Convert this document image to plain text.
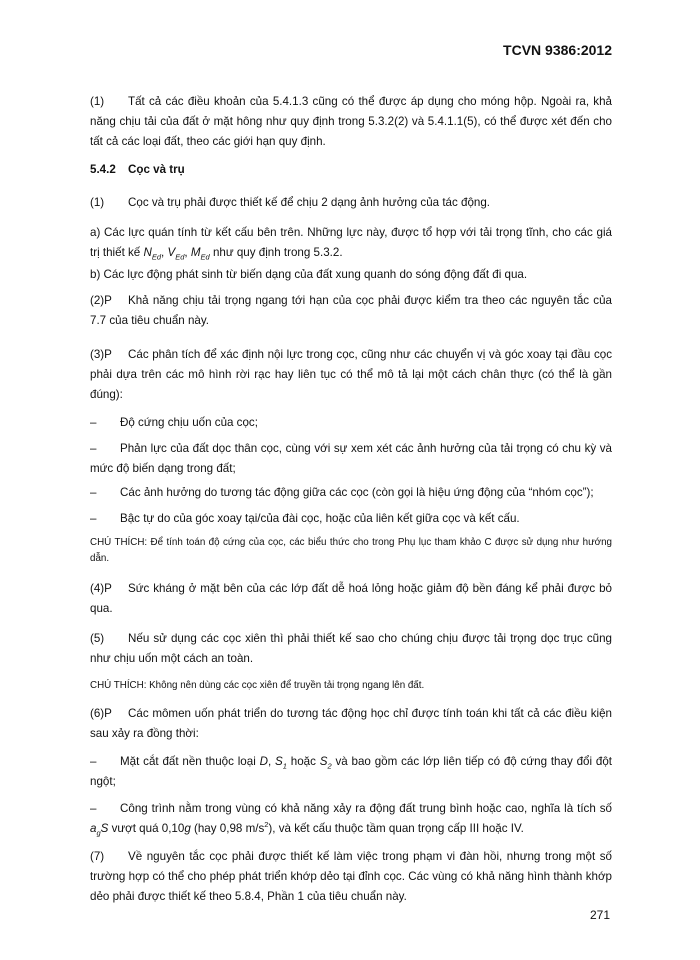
TCVN 9386:2012
(1) Tất cả các điều khoản của 5.4.1.3 cũng có thể được áp dụng cho móng hộp. Ngoài ra, khả năng chịu tải của đất ở mặt hông như quy định trong 5.3.2(2) và 5.4.1.1(5), có thể được xét đến cho tất cả các loại đất, theo các giới hạn quy định.
5.4.2 Cọc và trụ
(1) Cọc và trụ phải được thiết kế để chịu 2 dạng ảnh hưởng của tác động.
a) Các lực quán tính từ kết cấu bên trên. Những lực này, được tổ hợp với tải trọng tĩnh, cho các giá trị thiết kế $N_{Ed}$, $V_{Ed}$, $M_{Ed}$ như quy định trong 5.3.2.
b) Các lực động phát sinh từ biến dạng của đất xung quanh do sóng động đất đi qua.
(2)P Khả năng chịu tải trọng ngang tới hạn của cọc phải được kiểm tra theo các nguyên tắc của 7.7 của tiêu chuẩn này.
(3)P Các phân tích để xác định nội lực trong cọc, cũng như các chuyển vị và góc xoay tại đầu cọc phải dựa trên các mô hình rời rạc hay liên tục có thể mô tả lại một cách chân thực (có thể là gần đúng):
– Độ cứng chịu uốn của cọc;
– Phản lực của đất dọc thân cọc, cùng với sự xem xét các ảnh hưởng của tải trọng có chu kỳ và mức độ biến dạng trong đất;
– Các ảnh hưởng do tương tác động giữa các cọc (còn gọi là hiệu ứng động của “nhóm cọc”);
– Bậc tự do của góc xoay tại/của đài cọc, hoặc của liên kết giữa cọc và kết cấu.
CHÚ THÍCH: Để tính toán độ cứng của cọc, các biểu thức cho trong Phụ lục tham khảo C được sử dụng như hướng dẫn.
(4)P Sức kháng ở mặt bên của các lớp đất dễ hoá lỏng hoặc giảm độ bền đáng kể phải được bỏ qua.
(5) Nếu sử dụng các cọc xiên thì phải thiết kế sao cho chúng chịu được tải trọng dọc trục cũng như chịu uốn một cách an toàn.
CHÚ THÍCH: Không nên dùng các cọc xiên để truyền tải trọng ngang lên đất.
(6)P Các mômen uốn phát triển do tương tác động học chỉ được tính toán khi tất cả các điều kiện sau xảy ra đồng thời:
– Mặt cắt đất nền thuộc loại D, $S_1$ hoặc $S_2$ và bao gồm các lớp liên tiếp có độ cứng thay đổi đột ngột;
– Công trình nằm trong vùng có khả năng xảy ra động đất trung bình hoặc cao, nghĩa là tích số $a_gS$ vượt quá 0,10g (hay 0,98 $m/s^2$), và kết cấu thuộc tầm quan trọng cấp III hoặc IV.
(7) Về nguyên tắc cọc phải được thiết kế làm việc trong phạm vi đàn hồi, nhưng trong một số trường hợp có thể cho phép phát triển khớp dẻo tại đỉnh cọc. Các vùng có khả năng hình thành khớp dẻo phải được thiết kế theo 5.8.4, Phần 1 của tiêu chuẩn này.
271
